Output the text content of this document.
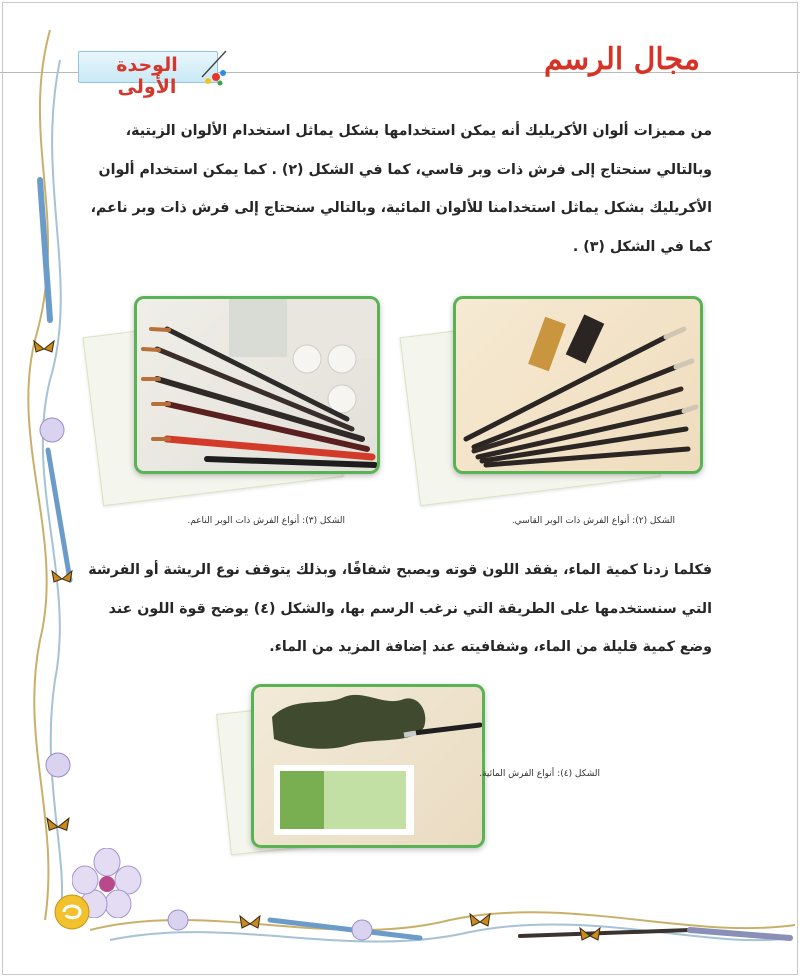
الوحدة الأولى
مجال الرسم
من مميزات ألوان الأكريليك أنه يمكن استخدامها بشكل يماثل استخدام الألوان الزيتية، وبالتالي سنحتاج إلى فرش ذات وبر قاسي، كما في الشكل (٢) . كما يمكن استخدام ألوان الأكريليك بشكل يماثل استخدامنا للألوان المائية، وبالتالي سنحتاج إلى فرش ذات وبر ناعم، كما في الشكل (٣) .
الشكل (٣): أنواع الفرش ذات الوبر الناعم.	الشكل (٢): أنواع الفرش ذات الوبر القاسي.
فكلما زدنا كمية الماء، يفقد اللون قوته ويصبح شفافًا، وبذلك يتوقف نوع الريشة أو الفرشة التي سنستخدمها على الطريقة التي نرغب الرسم بها، والشكل (٤) يوضح قوة اللون عند وضع كمية قليلة من الماء، وشفافيته عند إضافة المزيد من الماء.
الشكل (٤): أنواع الفرش المائية.
